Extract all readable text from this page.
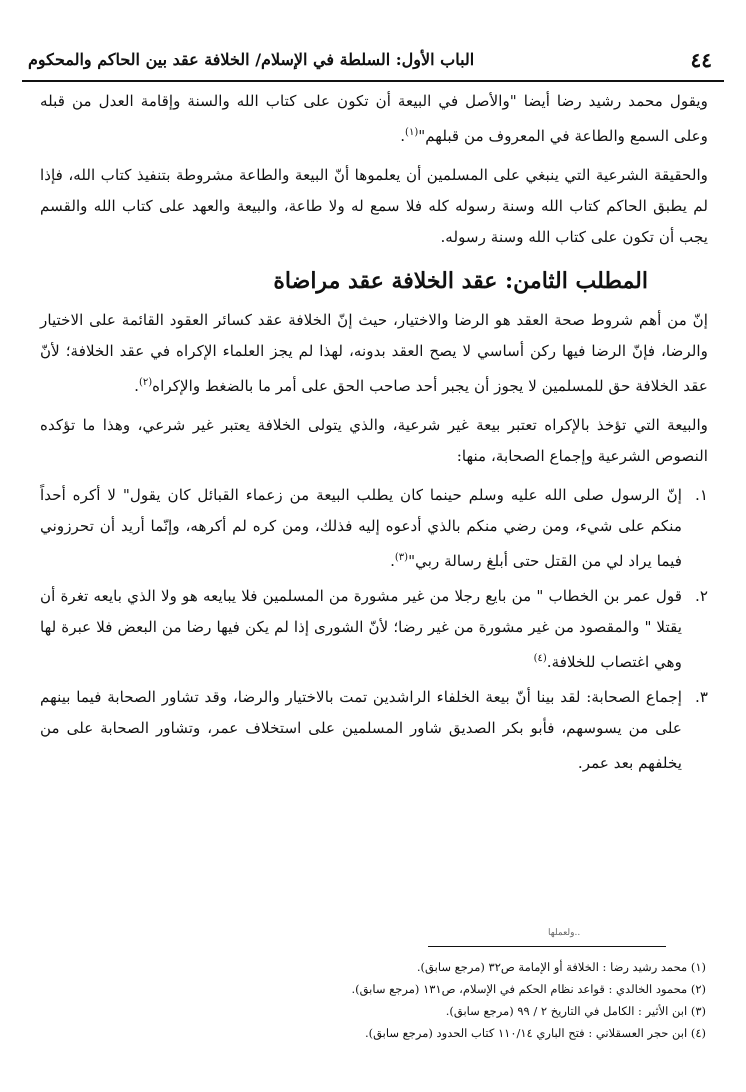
٤٤
الباب الأول: السلطة في الإسلام/ الخلافة عقد بين الحاكم والمحكوم

ويقول محمد رشيد رضا أيضا "والأصل في البيعة أن تكون على كتاب الله والسنة وإقامة العدل من قبله وعلى السمع والطاعة في المعروف من قبلهم"$^{(١)}$.

والحقيقة الشرعية التي ينبغي على المسلمين أن يعلموها أنّ البيعة والطاعة مشروطة بتنفيذ كتاب الله، فإذا لم يطبق الحاكم كتاب الله وسنة رسوله كله فلا سمع له ولا طاعة، والبيعة والعهد على كتاب الله والقسم يجب أن تكون على كتاب الله وسنة رسوله.

المطلب الثامن: عقد الخلافة عقد مراضاة

إنّ من أهم شروط صحة العقد هو الرضا والاختيار، حيث إنّ الخلافة عقد كسائر العقود القائمة على الاختيار والرضا، فإنّ الرضا فيها ركن أساسي لا يصح العقد بدونه، لهذا لم يجز العلماء الإكراه في عقد الخلافة؛ لأنّ عقد الخلافة حق للمسلمين لا يجوز أن يجبر أحد صاحب الحق على أمر ما بالضغط والإكراه$^{(٢)}$.

والبيعة التي تؤخذ بالإكراه تعتبر بيعة غير شرعية، والذي يتولى الخلافة يعتبر غير شرعي، وهذا ما تؤكده النصوص الشرعية وإجماع الصحابة، منها:

١.
إنّ الرسول صلى الله عليه وسلم حينما كان يطلب البيعة من زعماء القبائل كان يقول" لا أكره أحداً منكم على شيء، ومن رضي منكم بالذي أدعوه إليه فذلك، ومن كره لم أكرهه، وإنّما أريد أن تحرزوني فيما يراد لي من القتل حتى أبلغ رسالة ربي"$^{(٣)}$.
٢.
قول عمر بن الخطاب " من بايع رجلا من غير مشورة من المسلمين فلا يبايعه هو ولا الذي بايعه تغرة أن يقتلا " والمقصود من غير مشورة من غير رضا؛ لأنّ الشورى إذا لم يكن فيها رضا من البعض فلا عبرة لها وهي اغتصاب للخلافة.$^{(٤)}$
٣.
إجماع الصحابة: لقد بينا أنّ بيعة الخلفاء الراشدين تمت بالاختيار والرضا، وقد تشاور الصحابة فيما بينهم على من يسوسهم، فأبو بكر الصديق شاور المسلمين على استخلاف عمر، وتشاور الصحابة على من يخلفهم بعد عمر.
ولعملها..
(١) محمد رشيد رضا : الخلافة أو الإمامة ص٣٢ (مرجع سابق).
(٢) محمود الخالدي : قواعد نظام الحكم في الإسلام، ص١٣١ (مرجع سابق).
(٣) ابن الأثير : الكامل في التاريخ ٢ / ٩٩ (مرجع سابق).
(٤) ابن حجر العسقلاني : فتح الباري ١١٠/١٤ كتاب الحدود (مرجع سابق).
